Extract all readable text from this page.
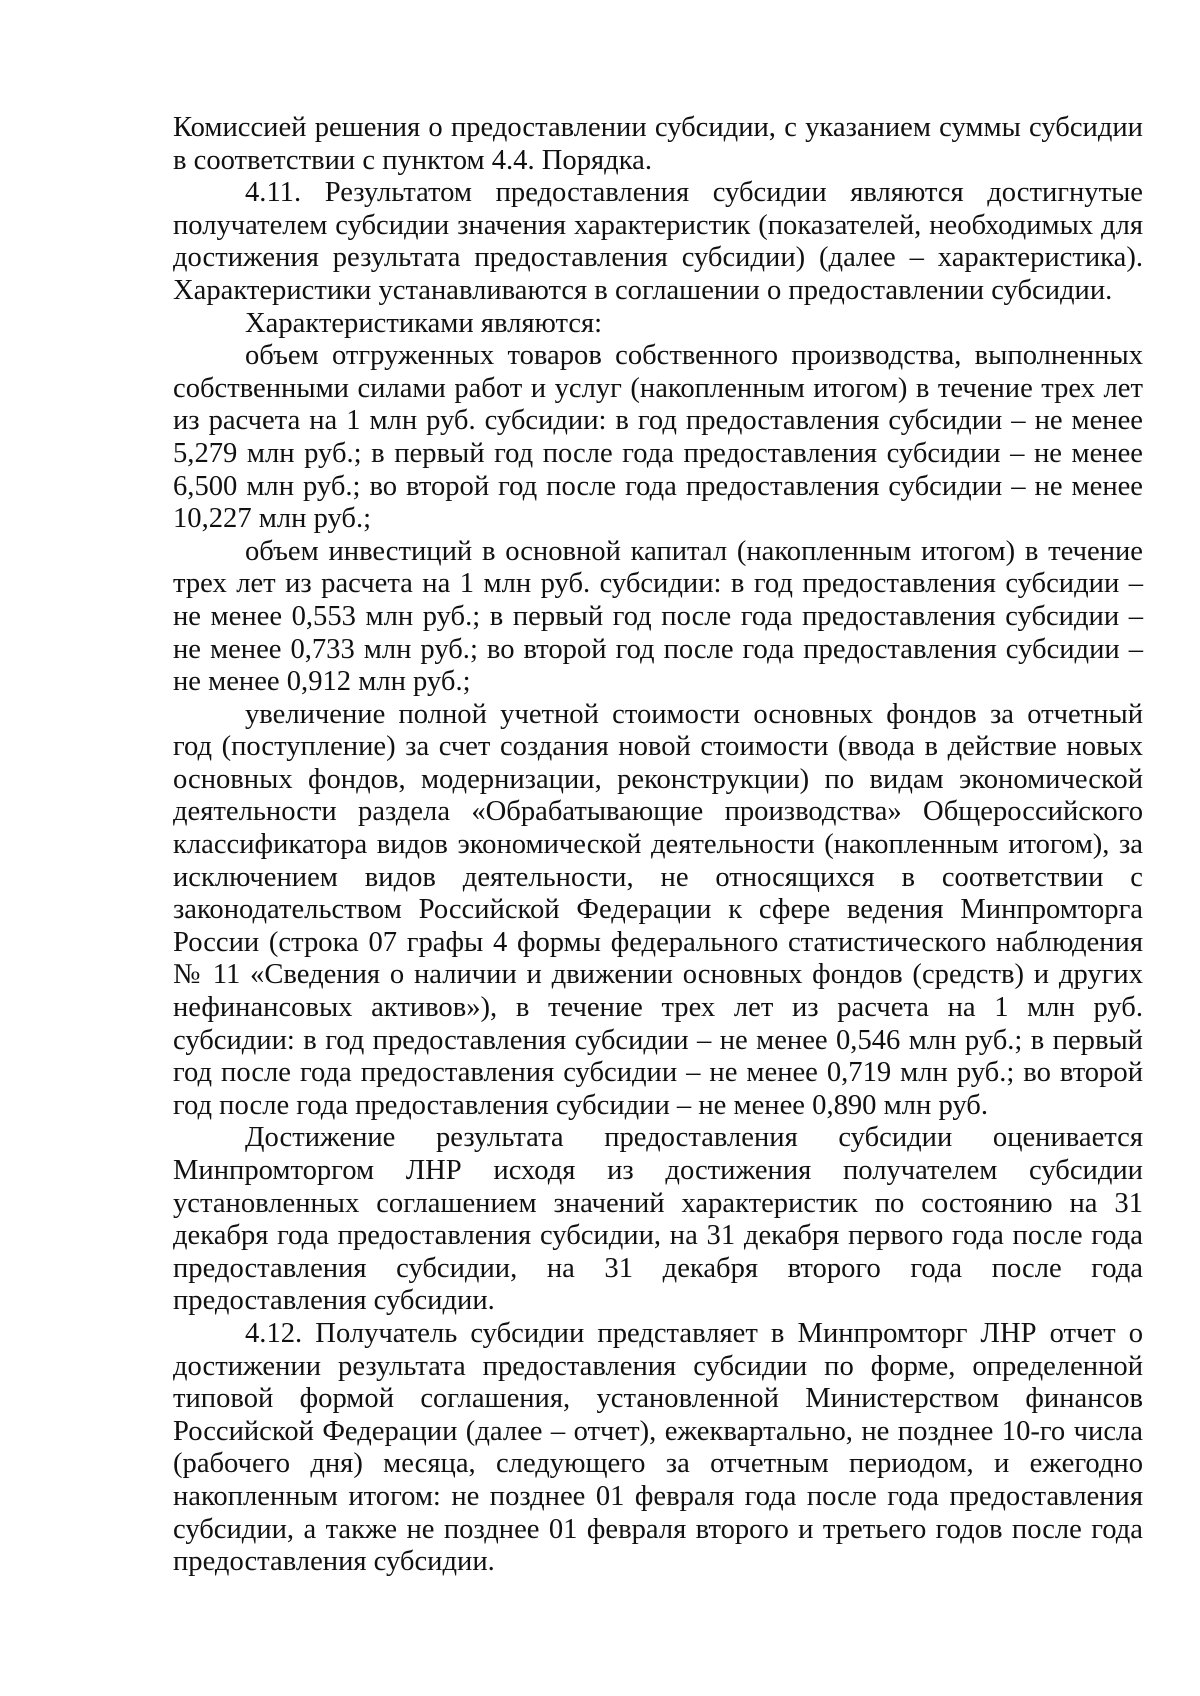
Комиссией решения о предоставлении субсидии, с указанием суммы субсидии в соответствии с пунктом 4.4. Порядка.

4.11. Результатом предоставления субсидии являются достигнутые получателем субсидии значения характеристик (показателей, необходимых для достижения результата предоставления субсидии) (далее – характеристика). Характеристики устанавливаются в соглашении о предоставлении субсидии.

Характеристиками являются:

объем отгруженных товаров собственного производства, выполненных собственными силами работ и услуг (накопленным итогом) в течение трех лет из расчета на 1 млн руб. субсидии: в год предоставления субсидии – не менее 5,279 млн руб.; в первый год после года предоставления субсидии – не менее 6,500 млн руб.; во второй год после года предоставления субсидии – не менее 10,227 млн руб.;

объем инвестиций в основной капитал (накопленным итогом) в течение трех лет из расчета на 1 млн руб. субсидии: в год предоставления субсидии – не менее 0,553 млн руб.; в первый год после года предоставления субсидии – не менее 0,733 млн руб.; во второй год после года предоставления субсидии – не менее 0,912 млн руб.;

увеличение полной учетной стоимости основных фондов за отчетный год (поступление) за счет создания новой стоимости (ввода в действие новых основных фондов, модернизации, реконструкции) по видам экономической деятельности раздела «Обрабатывающие производства» Общероссийского классификатора видов экономической деятельности (накопленным итогом), за исключением видов деятельности, не относящихся в соответствии с законодательством Российской Федерации к сфере ведения Минпромторга России (строка 07 графы 4 формы федерального статистического наблюдения № 11 «Сведения о наличии и движении основных фондов (средств) и других нефинансовых активов»), в течение трех лет из расчета на 1 млн руб. субсидии: в год предоставления субсидии – не менее 0,546 млн руб.; в первый год после года предоставления субсидии – не менее 0,719 млн руб.; во второй год после года предоставления субсидии – не менее 0,890 млн руб.

Достижение результата предоставления субсидии оценивается Минпромторгом ЛНР исходя из достижения получателем субсидии установленных соглашением значений характеристик по состоянию на 31 декабря года предоставления субсидии, на 31 декабря первого года после года предоставления субсидии, на 31 декабря второго года после года предоставления субсидии.

4.12. Получатель субсидии представляет в Минпромторг ЛНР отчет о достижении результата предоставления субсидии по форме, определенной типовой формой соглашения, установленной Министерством финансов Российской Федерации (далее – отчет), ежеквартально, не позднее 10-го числа (рабочего дня) месяца, следующего за отчетным периодом, и ежегодно накопленным итогом: не позднее 01 февраля года после года предоставления субсидии, а также не позднее 01 февраля второго и третьего годов после года предоставления субсидии.
